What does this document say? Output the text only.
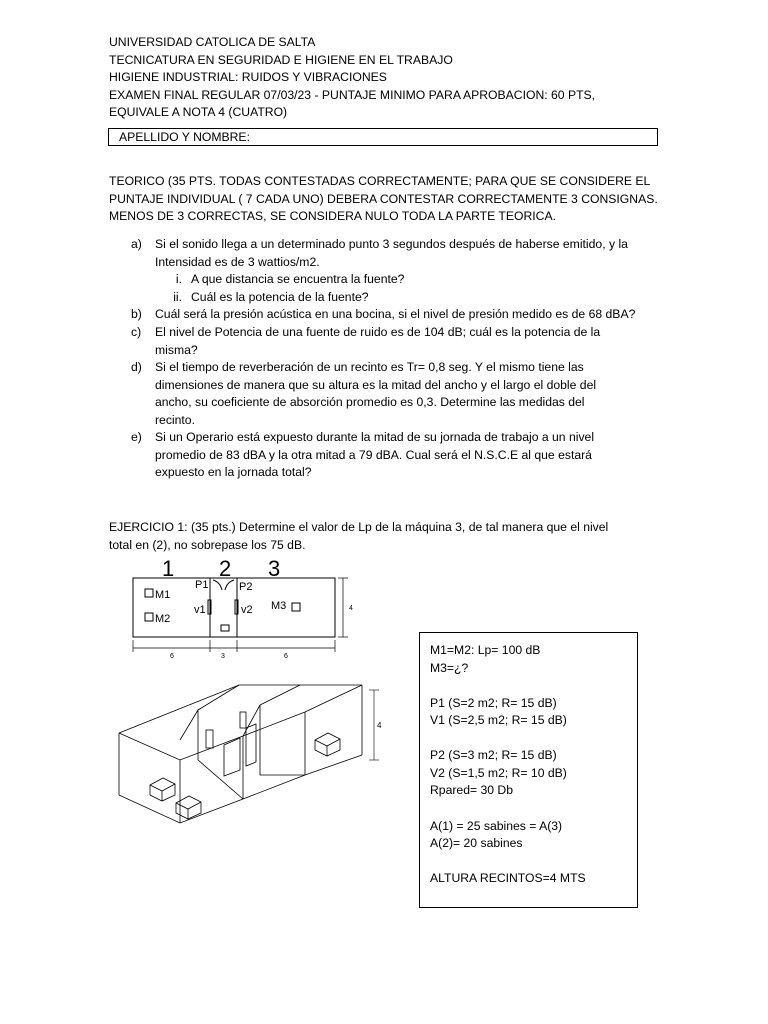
UNIVERSIDAD CATOLICA DE SALTA
TECNICATURA EN SEGURIDAD E HIGIENE EN EL TRABAJO
HIGIENE INDUSTRIAL: RUIDOS Y VIBRACIONES
EXAMEN FINAL REGULAR 07/03/23 - PUNTAJE MINIMO PARA APROBACION: 60 PTS,
EQUIVALE A NOTA 4 (CUATRO)
APELLIDO Y NOMBRE:
TEORICO (35 PTS. TODAS CONTESTADAS CORRECTAMENTE; PARA QUE SE CONSIDERE EL
PUNTAJE INDIVIDUAL ( 7 CADA UNO) DEBERA CONTESTAR CORRECTAMENTE 3 CONSIGNAS.
MENOS DE 3 CORRECTAS, SE CONSIDERA NULO TODA LA PARTE TEORICA.
a) Si el sonido llega a un determinado punto 3 segundos después de haberse emitido, y la
Intensidad es de 3 wattios/m2.
i. A que distancia se encuentra la fuente?
ii. Cuál es la potencia de la fuente?
b) Cuál será la presión acústica en una bocina, si el nivel de presión medido es de 68 dBA?
c) El nivel de Potencia de una fuente de ruido es de 104 dB; cuál es la potencia de la
misma?
d) Si el tiempo de reverberación de un recinto es Tr= 0,8 seg. Y el mismo tiene las
dimensiones de manera que su altura es la mitad del ancho y el largo el doble del
ancho, su coeficiente de absorción promedio es 0,3. Determine las medidas del
recinto.
e) Si un Operario está expuesto durante la mitad de su jornada de trabajo a un nivel
promedio de 83 dBA y la otra mitad a 79 dBA. Cual será el N.S.C.E al que estará
expuesto en la jornada total?
EJERCICIO 1: (35 pts.) Determine el valor de Lp de la máquina 3, de tal manera que el nivel
total en (2), no sobrepase los 75 dB.
1 2 3
P1	P2
v1	v2
M1
M2
M3
6	3	6
4
4
M1=M2: Lp= 100 dB
M3=¿?
P1 (S=2 m2; R= 15 dB)
V1 (S=2,5 m2; R= 15 dB)
P2 (S=3 m2; R= 15 dB)
V2 (S=1,5 m2; R= 10 dB)
Rpared= 30 Db
A(1) = 25 sabines = A(3)
A(2)= 20 sabines
ALTURA RECINTOS=4 MTS
